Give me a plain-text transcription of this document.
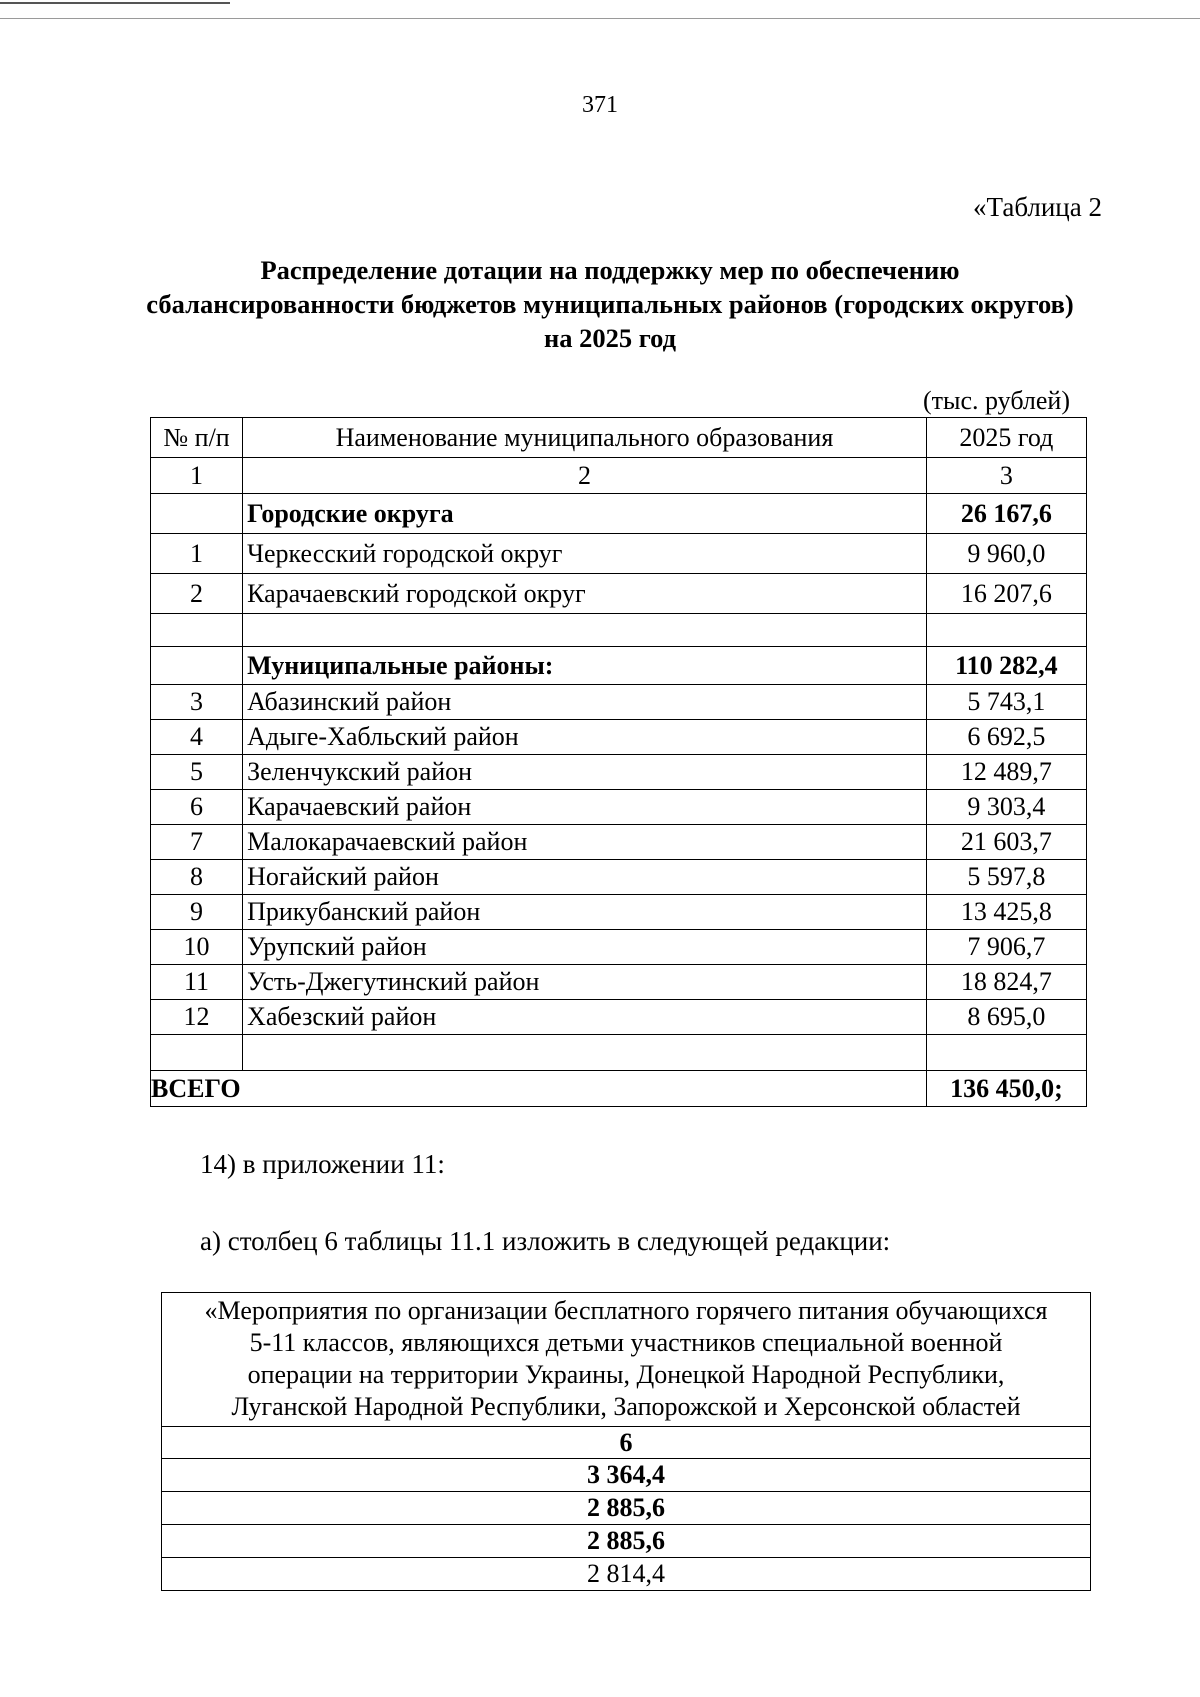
371
«Таблица 2
Распределение дотации на поддержку мер по обеспечению сбалансированности бюджетов муниципальных районов (городских округов) на 2025 год
(тыс. рублей)
№ п/п	Наименование муниципального образования	2025 год
1	2	3
	Городские округа	26 167,6
1	Черкесский городской округ	9 960,0
2	Карачаевский городской округ	16 207,6

	Муниципальные районы:	110 282,4
3	Абазинский район	5 743,1
4	Адыге-Хабльский район	6 692,5
5	Зеленчукский район	12 489,7
6	Карачаевский район	9 303,4
7	Малокарачаевский район	21 603,7
8	Ногайский район	5 597,8
9	Прикубанский район	13 425,8
10	Урупский район	7 906,7
11	Усть-Джегутинский район	18 824,7
12	Хабезский район	8 695,0

ВСЕГО		136 450,0;
14) в приложении 11:
а) столбец 6 таблицы 11.1 изложить в следующей редакции:
«Мероприятия по организации бесплатного горячего питания обучающихся
5-11 классов, являющихся детьми участников специальной военной
операции на территории Украины, Донецкой Народной Республики,
Луганской Народной Республики, Запорожской и Херсонской областей

6
3 364,4
2 885,6
2 885,6
2 814,4
